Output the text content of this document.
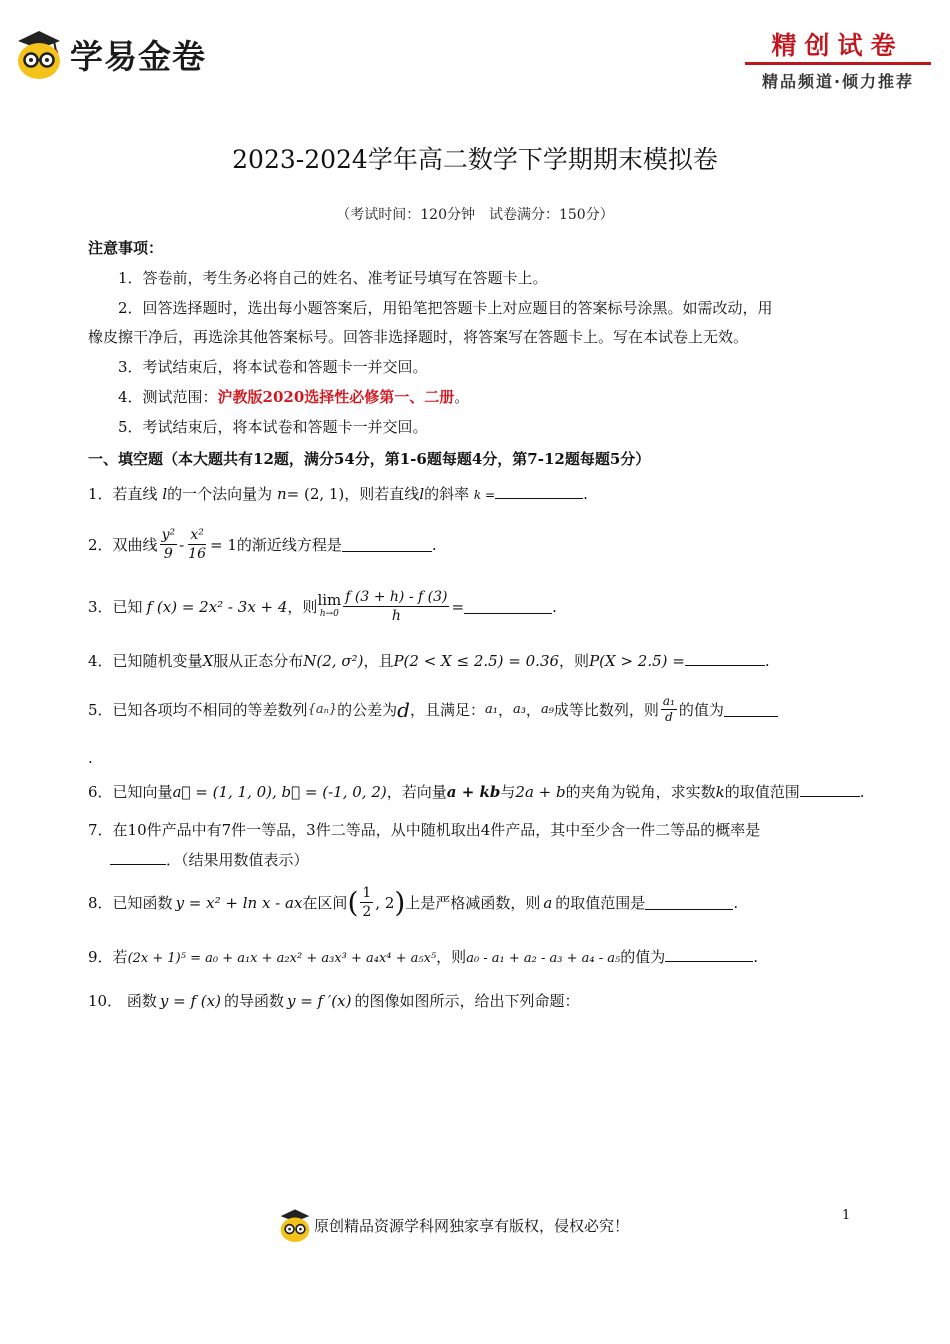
学易金卷	精创试卷
精品频道·倾力推荐
2023-2024学年高二数学下学期期末模拟卷
（考试时间：120分钟　试卷满分：150分）
注意事项：
1．答卷前，考生务必将自己的姓名、准考证号填写在答题卡上。
2．回答选择题时，选出每小题答案后，用铅笔把答题卡上对应题目的答案标号涂黑。如需改动，用
橡皮擦干净后，再选涂其他答案标号。回答非选择题时，将答案写在答题卡上。写在本试卷上无效。
3．考试结束后，将本试卷和答题卡一并交回。
4．测试范围：沪教版2020选择性必修第一、二册。
5．考试结束后，将本试卷和答题卡一并交回。
一、填空题（本大题共有12题，满分54分，第1-6题每题4分，第7-12题每题5分）
1．若直线 l的一个法向量为 n= (2, 1)，则若直线l的斜率 k =	.
2． 双曲线 $\frac{\text{y²}}{9} - \frac{\text{x²}}{16} = 1$ 的渐近线方程是	.
3． 已知 f (x) = 2x² - 3x + 4 ，则 lim
$h\to 0 \frac{f (3 + h) - f (3)}{h}$ =	.
4．已知随机变量X服从正态分布N(2, σ²)，且P(2 < X ≤ 2.5) = 0.36，则P(X > 2.5) =	.
5． 已知各项均不相同的等差数列 {aₙ} 的公差为 d ，且满足： a₁ ， a₃ ， a₉ 成等比数列，则 $\frac{\text{a₁}}{d}$ 的值为
.
6．已知向量a⃗ = (1, 1, 0), b⃗ = (-1, 0, 2)，若向量a + kb与2a + b的夹角为锐角，求实数k的取值范围	.
7．在10件产品中有7件一等品，3件二等品，从中随机取出4件产品，其中至少含一件二等品的概率是
．（结果用数值表示）
8． 已知函数 y = x² + ln x - ax 在区间 ( $\frac{1}{2}$ , 2 ) 上是严格减函数，则 a 的取值范围是	.
9．若(2x + 1)⁵ = a₀ + a₁x + a₂x² + a₃x³ + a₄x⁴ + a₅x⁵，则a₀ - a₁ + a₂ - a₃ + a₄ - a₅的值为	.
10． 函数 y = f (x) 的导函数 y = f ′(x) 的图像如图所示，给出下列命题：
原创精品资源学科网独家享有版权，侵权必究！
1
